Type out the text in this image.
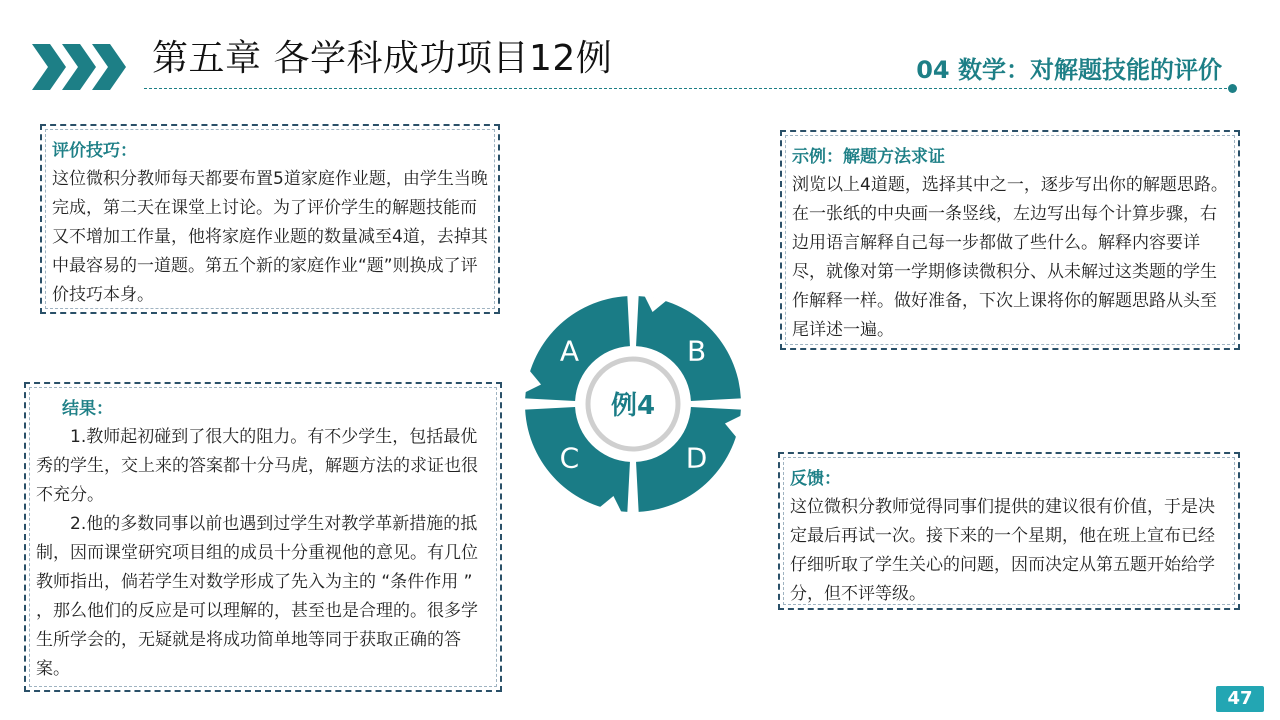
第五章 各学科成功项目12例	04 数学：对解题技能的评价
评价技巧：
这位微积分教师每天都要布置5道家庭作业题，由学生当晚完成，第二天在课堂上讨论。为了评价学生的解题技能而又不增加工作量，他将家庭作业题的数量减至4道，去掉其中最容易的一道题。第五个新的家庭作业“题”则换成了评价技巧本身。
示例：解题方法求证
浏览以上4道题，选择其中之一，逐步写出你的解题思路。在一张纸的中央画一条竖线，左边写出每个计算步骤，右边用语言解释自己每一步都做了些什么。解释内容要详尽，就像对第一学期修读微积分、从未解过这类题的学生作解释一样。做好准备，下次上课将你的解题思路从头至尾详述一遍。
结果：

1.教师起初碰到了很大的阻力。有不少学生，包括最优秀的学生，交上来的答案都十分马虎，解题方法的求证也很不充分。

2.他的多数同事以前也遇到过学生对教学革新措施的抵制，因而课堂研究项目组的成员十分重视他的意见。有几位教师指出，倘若学生对数学形成了先入为主的 “条件作用 ” ，那么他们的反应是可以理解的，甚至也是合理的。很多学生所学会的，无疑就是将成功简单地等同于获取正确的答案。

反馈：
这位微积分教师觉得同事们提供的建议很有价值，于是决定最后再试一次。接下来的一个星期，他在班上宣布已经仔细听取了学生关心的问题，因而决定从第五题开始给学分，但不评等级。
例4
A	B
C	D
47
